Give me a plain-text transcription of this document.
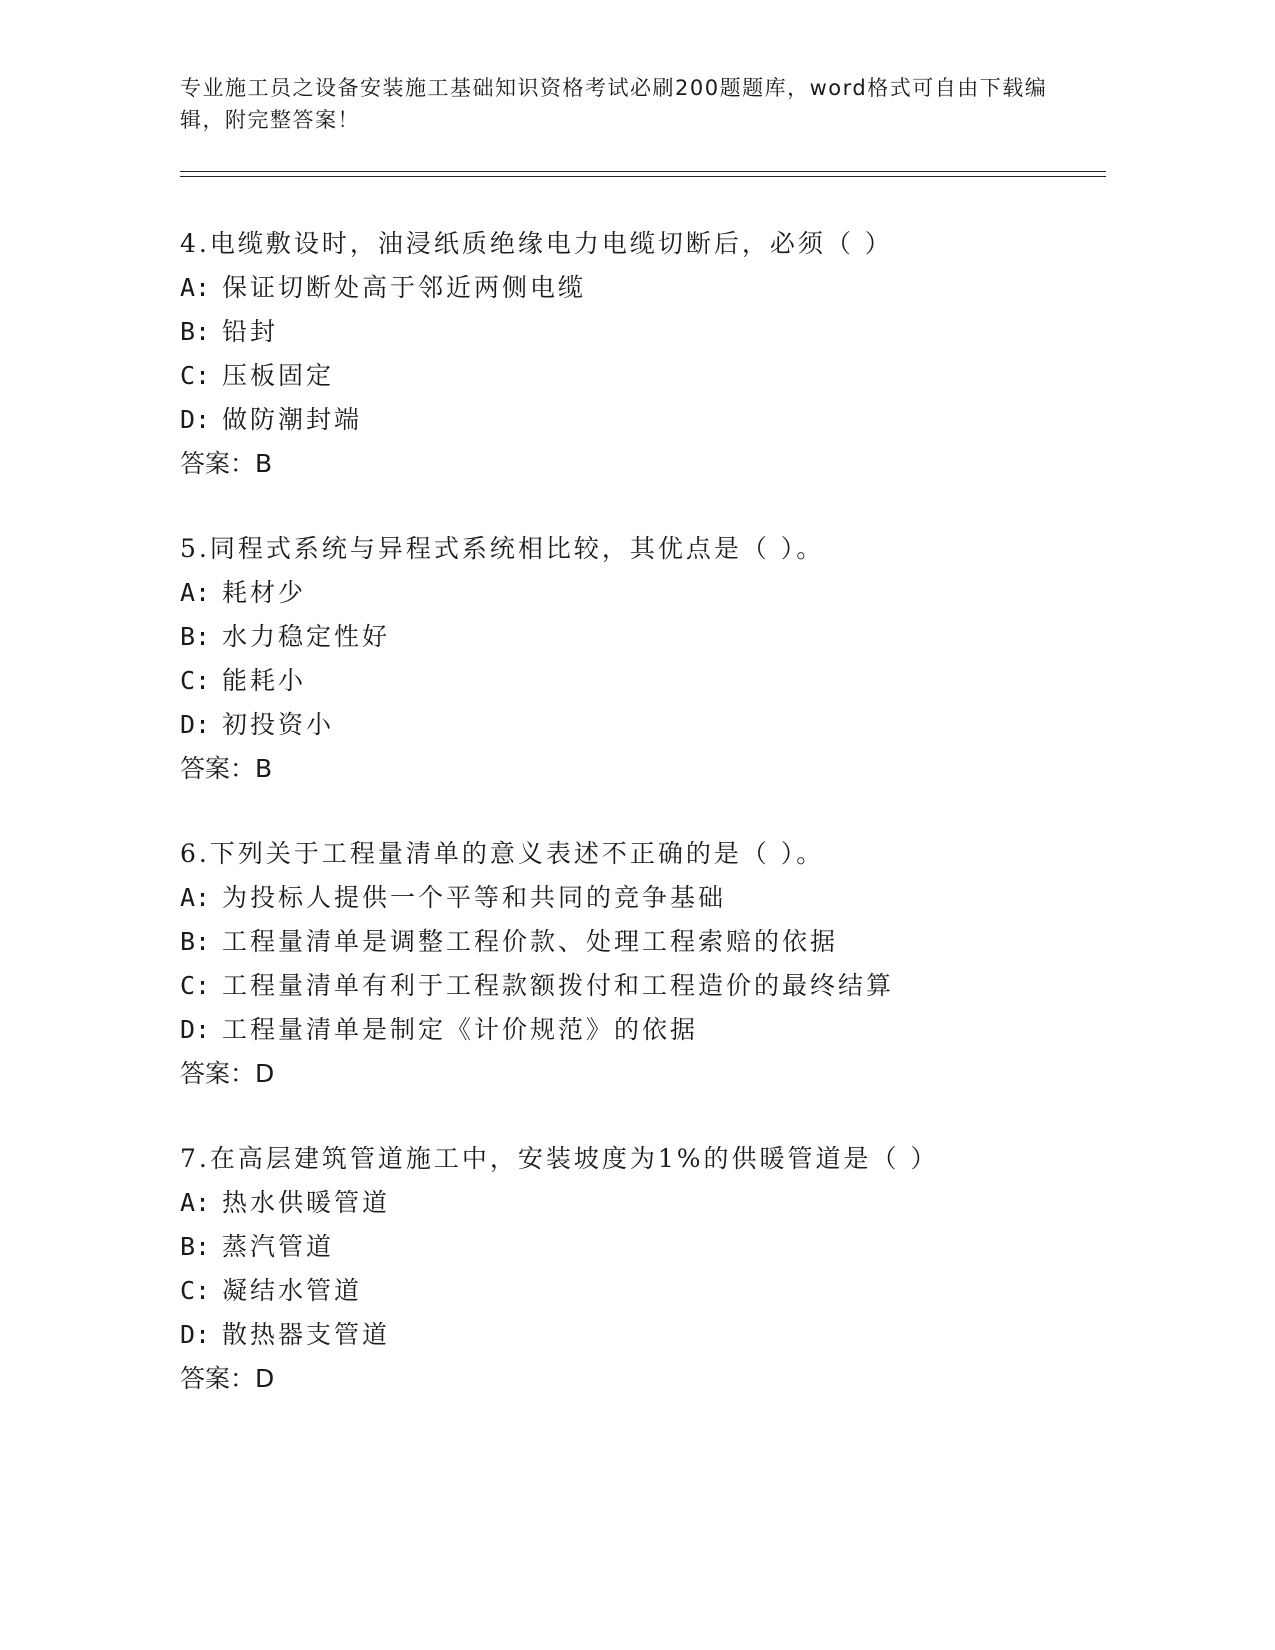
专业施工员之设备安装施工基础知识资格考试必刷200题题库，word格式可自由下载编辑，附完整答案！
4.电缆敷设时，油浸纸质绝缘电力电缆切断后，必须（ ）
A: 保证切断处高于邻近两侧电缆
B: 铅封
C: 压板固定
D: 做防潮封端
答案：B
5.同程式系统与异程式系统相比较，其优点是（ ）。
A: 耗材少
B: 水力稳定性好
C: 能耗小
D: 初投资小
答案：B
6.下列关于工程量清单的意义表述不正确的是（ ）。
A: 为投标人提供一个平等和共同的竞争基础
B: 工程量清单是调整工程价款、处理工程索赔的依据
C: 工程量清单有利于工程款额拨付和工程造价的最终结算
D: 工程量清单是制定《计价规范》的依据
答案：D
7.在高层建筑管道施工中，安装坡度为1%的供暖管道是（ ）
A: 热水供暖管道
B: 蒸汽管道
C: 凝结水管道
D: 散热器支管道
答案：D
